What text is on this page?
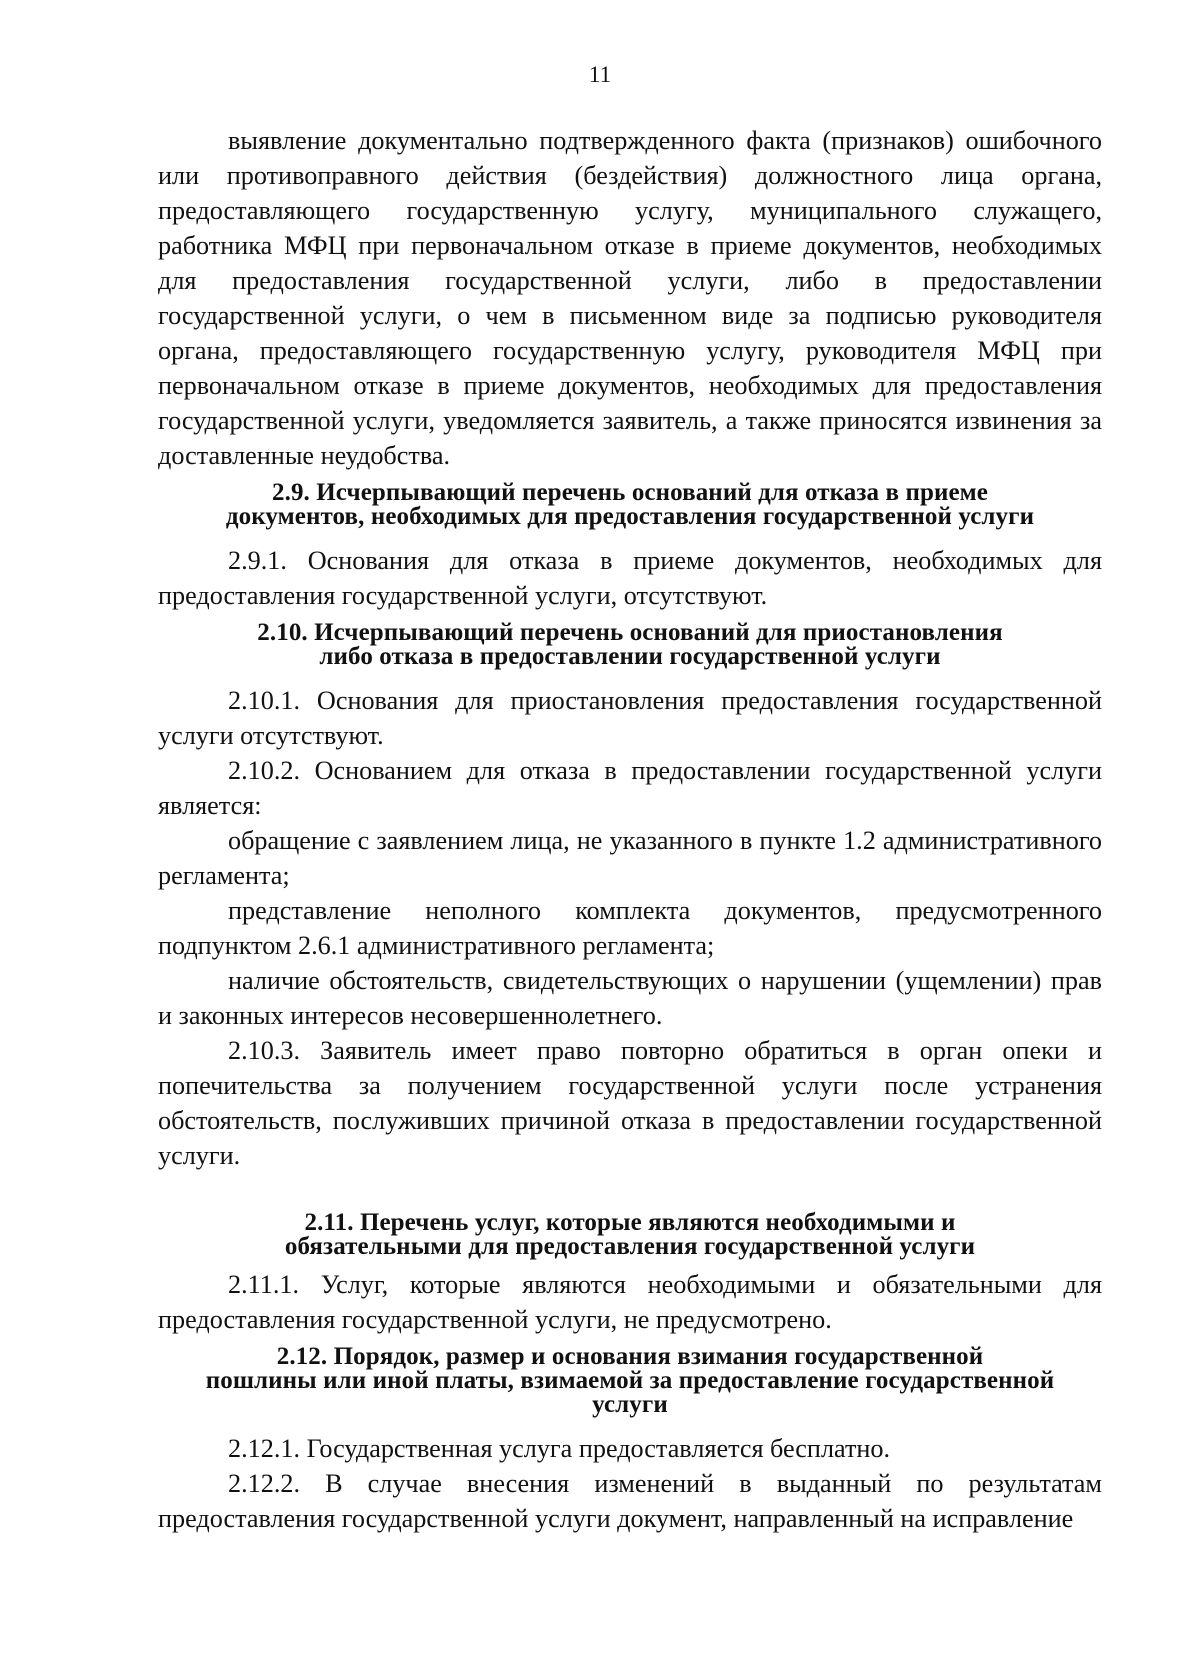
11

выявление документально подтвержденного факта (признаков) ошибочного или противоправного действия (бездействия) должностного лица органа, предоставляющего государственную услугу, муниципального служащего, работника МФЦ при первоначальном отказе в приеме документов, необходимых для предоставления государственной услуги, либо в предоставлении государственной услуги, о чем в письменном виде за подписью руководителя органа, предоставляющего государственную услугу, руководителя МФЦ при первоначальном отказе в приеме документов, необходимых для предоставления государственной услуги, уведомляется заявитель, а также приносятся извинения за доставленные неудобства.

2.9. Исчерпывающий перечень оснований для отказа в приеме
документов, необходимых для предоставления государственной услуги

2.9.1. Основания для отказа в приеме документов, необходимых для предоставления государственной услуги, отсутствуют.

2.10. Исчерпывающий перечень оснований для приостановления
либо отказа в предоставлении государственной услуги

2.10.1. Основания для приостановления предоставления государственной услуги отсутствуют.

2.10.2. Основанием для отказа в предоставлении государственной услуги является:

обращение с заявлением лица, не указанного в пункте 1.2 административного регламента;

представление неполного комплекта документов, предусмотренного подпунктом 2.6.1 административного регламента;

наличие обстоятельств, свидетельствующих о нарушении (ущемлении) прав и законных интересов несовершеннолетнего.

2.10.3. Заявитель имеет право повторно обратиться в орган опеки и попечительства за получением государственной услуги после устранения обстоятельств, послуживших причиной отказа в предоставлении государственной услуги.

2.11. Перечень услуг, которые являются необходимыми и
обязательными для предоставления государственной услуги

2.11.1. Услуг, которые являются необходимыми и обязательными для предоставления государственной услуги, не предусмотрено.

2.12. Порядок, размер и основания взимания государственной
пошлины или иной платы, взимаемой за предоставление государственной
услуги

2.12.1. Государственная услуга предоставляется бесплатно.

2.12.2. В случае внесения изменений в выданный по результатам предоставления государственной услуги документ, направленный на исправление
